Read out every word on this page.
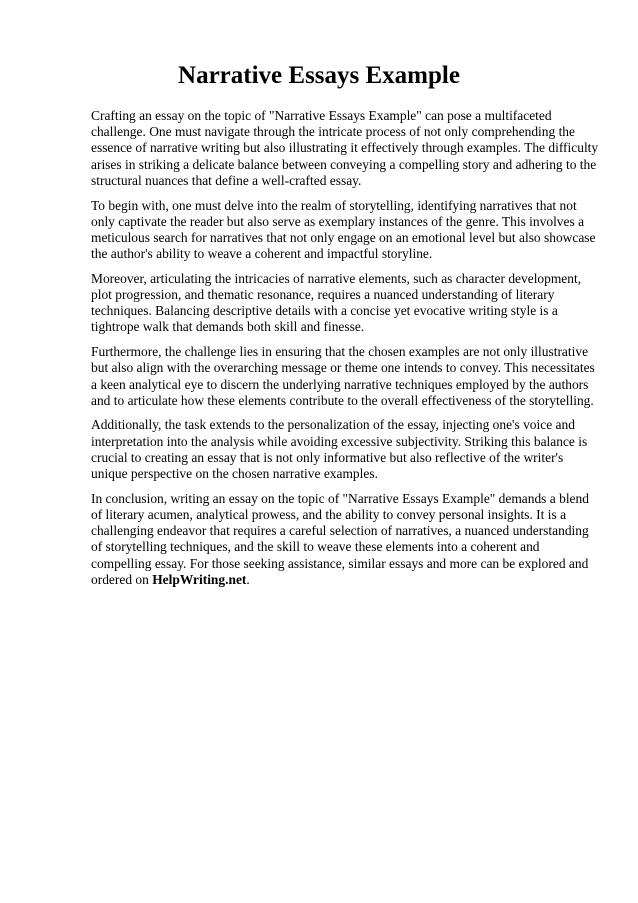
Narrative Essays Example

Crafting an essay on the topic of "Narrative Essays Example" can pose a multifaceted challenge. One must navigate through the intricate process of not only comprehending the essence of narrative writing but also illustrating it effectively through examples. The difficulty arises in striking a delicate balance between conveying a compelling story and adhering to the structural nuances that define a well-crafted essay.

To begin with, one must delve into the realm of storytelling, identifying narratives that not only captivate the reader but also serve as exemplary instances of the genre. This involves a meticulous search for narratives that not only engage on an emotional level but also showcase the author's ability to weave a coherent and impactful storyline.

Moreover, articulating the intricacies of narrative elements, such as character development, plot progression, and thematic resonance, requires a nuanced understanding of literary techniques. Balancing descriptive details with a concise yet evocative writing style is a tightrope walk that demands both skill and finesse.

Furthermore, the challenge lies in ensuring that the chosen examples are not only illustrative but also align with the overarching message or theme one intends to convey. This necessitates a keen analytical eye to discern the underlying narrative techniques employed by the authors and to articulate how these elements contribute to the overall effectiveness of the storytelling.

Additionally, the task extends to the personalization of the essay, injecting one's voice and interpretation into the analysis while avoiding excessive subjectivity. Striking this balance is crucial to creating an essay that is not only informative but also reflective of the writer's unique perspective on the chosen narrative examples.

In conclusion, writing an essay on the topic of "Narrative Essays Example" demands a blend of literary acumen, analytical prowess, and the ability to convey personal insights. It is a challenging endeavor that requires a careful selection of narratives, a nuanced understanding of storytelling techniques, and the skill to weave these elements into a coherent and compelling essay. For those seeking assistance, similar essays and more can be explored and ordered on HelpWriting.net.
